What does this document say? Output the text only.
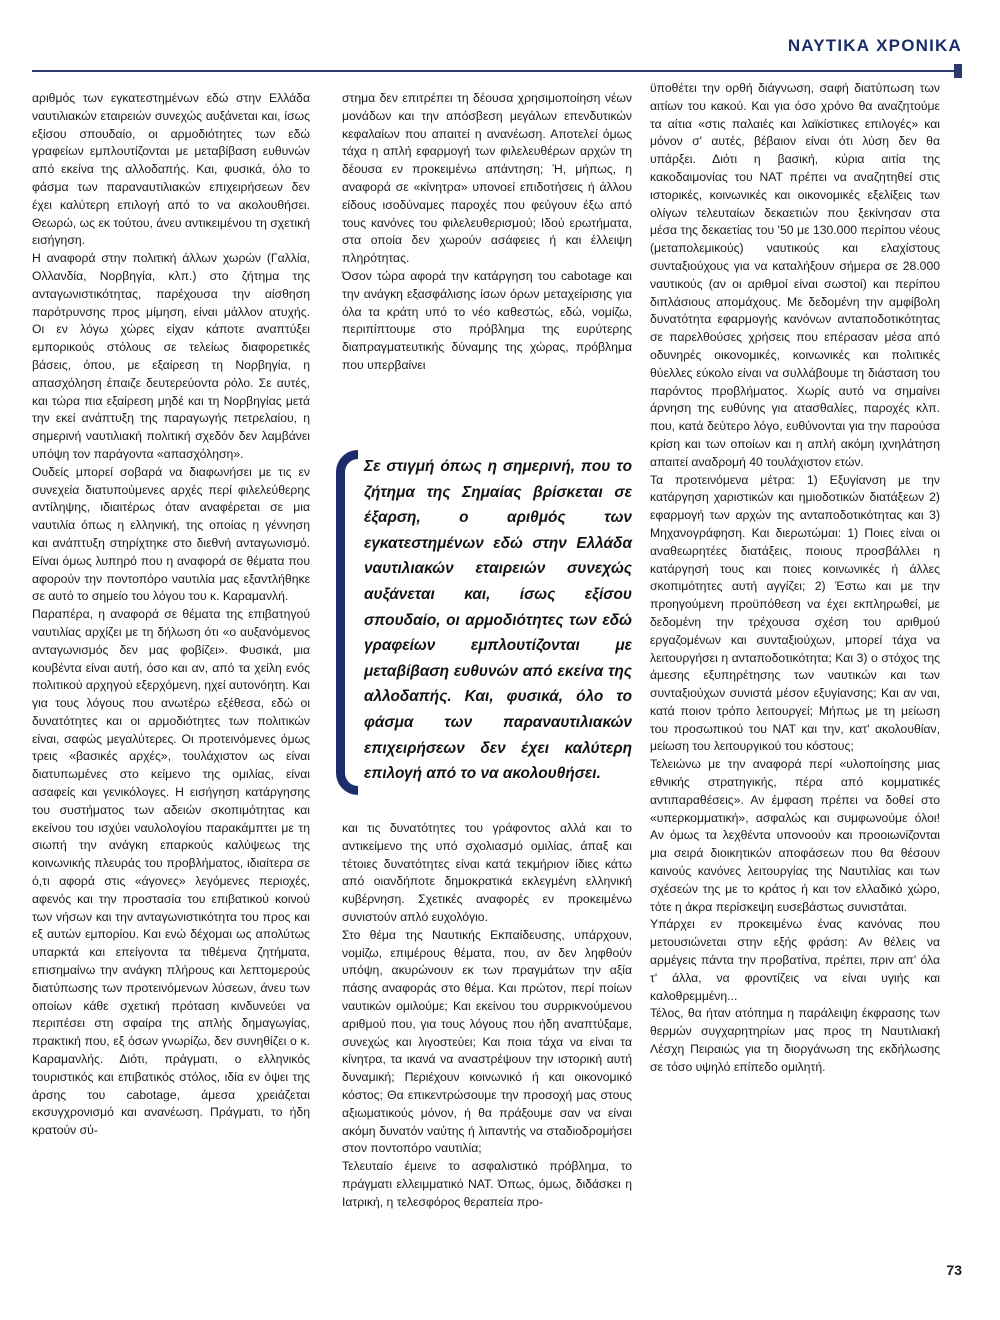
ΝΑΥΤΙΚΑ ΧΡΟΝΙΚΑ

αριθμός των εγκατεστημένων εδώ στην Ελλάδα ναυτιλιακών εταιρειών συνεχώς αυξάνεται και, ίσως εξίσου σπουδαίο, οι αρμοδιότητες των εδώ γραφείων εμπλουτίζονται με μεταβίβαση ευθυνών από εκείνα της αλλοδαπής. Και, φυσικά, όλο το φάσμα των παραναυτιλιακών επιχειρήσεων δεν έχει καλύτερη επιλογή από το να ακολουθήσει. Θεωρώ, ως εκ τούτου, άνευ αντικειμένου τη σχετική εισήγηση.

Η αναφορά στην πολιτική άλλων χωρών (Γαλλία, Ολλανδία, Νορβηγία, κλπ.) στο ζήτημα της ανταγωνιστικότητας, παρέχουσα την αίσθηση παρότρυνσης προς μίμηση, είναι μάλλον ατυχής. Οι εν λόγω χώρες είχαν κάποτε αναπτύξει εμπορικούς στόλους σε τελείως διαφορετικές βάσεις, όπου, με εξαίρεση τη Νορβηγία, η απασχόληση έπαιζε δευτερεύοντα ρόλο. Σε αυτές, και τώρα πια εξαίρεση μηδέ και τη Νορβηγίας μετά την εκεί ανάπτυξη της παραγωγής πετρελαίου, η σημερινή ναυτιλιακή πολιτική σχεδόν δεν λαμβάνει υπόψη τον παράγοντα «απασχόληση».

Ουδείς μπορεί σοβαρά να διαφωνήσει με τις εν συνεχεία διατυπούμενες αρχές περί φιλελεύθερης αντίληψης, ιδιαιτέρως όταν αναφέρεται σε μια ναυτιλία όπως η ελληνική, της οποίας η γέννηση και ανάπτυξη στηρίχτηκε στο διεθνή ανταγωνισμό. Είναι όμως λυπηρό που η αναφορά σε θέματα που αφορούν την ποντοπόρο ναυτιλία μας εξαντλήθηκε σε αυτό το σημείο του λόγου του κ. Καραμανλή.

Παραπέρα, η αναφορά σε θέματα της επιβατηγού ναυτιλίας αρχίζει με τη δήλωση ότι «ο αυξανόμενος ανταγωνισμός δεν μας φοβίζει». Φυσικά, μια κουβέντα είναι αυτή, όσο και αν, από τα χείλη ενός πολιτικού αρχηγού εξερχόμενη, ηχεί αυτονόητη. Και για τους λόγους που ανωτέρω εξέθεσα, εδώ οι δυνατότητες και οι αρμοδιότητες των πολιτικών είναι, σαφώς μεγαλύτερες. Οι προτεινόμενες όμως τρεις «βασικές αρχές», τουλάχιστον ως είναι διατυπωμένες στο κείμενο της ομιλίας, είναι ασαφείς και γενικόλογες. Η εισήγηση κατάργησης του συστήματος των αδειών σκοπιμότητας και εκείνου του ισχύει ναυλολογίου παρακάμπτει με τη σιωπή την ανάγκη επαρκούς καλύψεως της κοινωνικής πλευράς του προβλήματος, ιδιαίτερα σε ό,τι αφορά στις «άγονες» λεγόμενες περιοχές, αφενός και την προστασία του επιβατικού κοινού των νήσων και την ανταγωνιστικότητα του προς και εξ αυτών εμπορίου. Και ενώ δέχομαι ως απολύτως υπαρκτά και επείγοντα τα τιθέμενα ζητήματα, επισημαίνω την ανάγκη πλήρους και λεπτομερούς διατύπωσης των προτεινόμενων λύσεων, άνευ των οποίων κάθε σχετική πρόταση κινδυνεύει να περιπέσει στη σφαίρα της απλής δημαγωγίας, πρακτική που, εξ όσων γνωρίζω, δεν συνηθίζει ο κ. Καραμανλής. Διότι, πράγματι, ο ελληνικός τουριστικός και επιβατικός στόλος, ιδία εν όψει της άρσης του cabotage, άμεσα χρειάζεται εκσυγχρονισμό και ανανέωση. Πράγματι, το ήδη κρατούν σύ-

στημα δεν επιτρέπει τη δέουσα χρησιμοποίηση νέων μονάδων και την απόσβεση μεγάλων επενδυτικών κεφαλαίων που απαιτεί η ανανέωση. Αποτελεί όμως τάχα η απλή εφαρμογή των φιλελευθέρων αρχών τη δέουσα εν προκειμένω απάντηση; Ή, μήπως, η αναφορά σε «κίνητρα» υπονοεί επιδοτήσεις ή άλλου είδους ισοδύναμες παροχές που φεύγουν έξω από τους κανόνες του φιλελευθερισμού; Ιδού ερωτήματα, στα οποία δεν χωρούν ασάφειες ή και έλλειψη πληρότητας.

Όσον τώρα αφορά την κατάργηση του cabotage και την ανάγκη εξασφάλισης ίσων όρων μεταχείρισης για όλα τα κράτη υπό το νέο καθεστώς, εδώ, νομίζω, περιπίπτουμε στο πρόβλημα της ευρύτερης διαπραγματευτικής δύναμης της χώρας, πρόβλημα που υπερβαίνει

Σε στιγμή όπως η σημερινή, που το ζήτημα της Σημαίας βρίσκεται σε έξαρση, ο αριθμός των εγκατεστημένων εδώ στην Ελλάδα ναυτιλιακών εταιρειών συνεχώς αυξάνεται και, ίσως εξίσου σπουδαίο, οι αρμοδιότητες των εδώ γραφείων εμπλουτίζονται με μεταβίβαση ευθυνών από εκείνα της αλλοδαπής. Και, φυσικά, όλο το φάσμα των παραναυτιλιακών επιχειρήσεων δεν έχει καλύτερη επιλογή από το να ακολουθήσει.

και τις δυνατότητες του γράφοντος αλλά και το αντικείμενο της υπό σχολιασμό ομιλίας, άπαξ και τέτοιες δυνατότητες είναι κατά τεκμήριον ίδιες κάτω από οιανδήποτε δημοκρατικά εκλεγμένη ελληνική κυβέρνηση. Σχετικές αναφορές εν προκειμένω συνιστούν απλό ευχολόγιο.

Στο θέμα της Ναυτικής Εκπαίδευσης, υπάρχουν, νομίζω, επιμέρους θέματα, που, αν δεν ληφθούν υπόψη, ακυρώνουν εκ των πραγμάτων την αξία πάσης αναφοράς στο θέμα. Και πρώτον, περί ποίων ναυτικών ομιλούμε; Και εκείνου του συρρικνούμενου αριθμού που, για τους λόγους που ήδη αναπτύξαμε, συνεχώς και λιγοστεύει; Και ποια τάχα να είναι τα κίνητρα, τα ικανά να αναστρέψουν την ιστορική αυτή δυναμική; Περιέχουν κοινωνικό ή και οικονομικό κόστος; Θα επικεντρώσουμε την προσοχή μας στους αξιωματικούς μόνον, ή θα πράξουμε σαν να είναι ακόμη δυνατόν ναύτης ή λιπαντής να σταδιοδρομήσει στον ποντοπόρο ναυτιλία;

Τελευταίο έμεινε το ασφαλιστικό πρόβλημα, το πράγματι ελλειμματικό ΝΑΤ. Όπως, όμως, διδάσκει η Ιατρική, η τελεσφόρος θεραπεία προ-

ϋποθέτει την ορθή διάγνωση, σαφή διατύπωση των αιτίων του κακού. Και για όσο χρόνο θα αναζητούμε τα αίτια «στις παλαιές και λαϊκίστικες επιλογές» και μόνον σ' αυτές, βέβαιον είναι ότι λύση δεν θα υπάρξει. Διότι η βασική, κύρια αιτία της κακοδαιμονίας του ΝΑΤ πρέπει να αναζητηθεί στις ιστορικές, κοινωνικές και οικονομικές εξελίξεις των ολίγων τελευταίων δεκαετιών που ξεκίνησαν στα μέσα της δεκαετίας του '50 με 130.000 περίπου νέους (μεταπολεμικούς) ναυτικούς και ελαχίστους συνταξιούχους για να καταλήξουν σήμερα σε 28.000 ναυτικούς (αν οι αριθμοί είναι σωστοί) και περίπου διπλάσιους απομάχους. Με δεδομένη την αμφίβολη δυνατότητα εφαρμογής κανόνων ανταποδοτικότητας σε παρελθούσες χρήσεις που επέρασαν μέσα από οδυνηρές οικονομικές, κοινωνικές και πολιτικές θύελλες εύκολο είναι να συλλάβουμε τη διάσταση του παρόντος προβλήματος. Χωρίς αυτό να σημαίνει άρνηση της ευθύνης για ατασθαλίες, παροχές κλπ. που, κατά δεύτερο λόγο, ευθύνονται για την παρούσα κρίση και των οποίων και η απλή ακόμη ιχνηλάτηση απαιτεί αναδρομή 40 τουλάχιστον ετών.

Τα προτεινόμενα μέτρα: 1) Εξυγίανση με την κατάργηση χαριστικών και ημιοδοτικών διατάξεων 2) εφαρμογή των αρχών της ανταποδοτικότητας και 3) Μηχανογράφηση. Και διερωτώμαι: 1) Ποιες είναι οι αναθεωρητέες διατάξεις, ποιους προσβάλλει η κατάργησή τους και ποιες κοινωνικές ή άλλες σκοπιμότητες αυτή αγγίζει; 2) Έστω και με την προηγούμενη προϋπόθεση να έχει εκπληρωθεί, με δεδομένη την τρέχουσα σχέση του αριθμού εργαζομένων και συνταξιούχων, μπορεί τάχα να λειτουργήσει η ανταποδοτικότητα; Και 3) ο στόχος της άμεσης εξυπηρέτησης των ναυτικών και των συνταξιούχων συνιστά μέσον εξυγίανσης; Και αν ναι, κατά ποιον τρόπο λειτουργεί; Μήπως με τη μείωση του προσωπικού του ΝΑΤ και την, κατ' ακολουθίαν, μείωση του λειτουργικού του κόστους;

Τελειώνω με την αναφορά περί «υλοποίησης μιας εθνικής στρατηγικής, πέρα από κομματικές αντιπαραθέσεις». Αν έμφαση πρέπει να δοθεί στο «υπερκομματική», ασφαλώς και συμφωνούμε όλοι! Αν όμως τα λεχθέντα υπονοούν και προοιωνίζονται μια σειρά διοικητικών αποφάσεων που θα θέσουν καινούς κανόνες λειτουργίας της Ναυτιλίας και των σχέσεών της με το κράτος ή και τον ελλαδικό χώρο, τότε η άκρα περίσκεψη ευσεβάστως συνιστάται.

Υπάρχει εν προκειμένω ένας κανόνας που μετουσιώνεται στην εξής φράση: Αν θέλεις να αρμέγεις πάντα την προβατίνα, πρέπει, πριν απ' όλα τ' άλλα, να φροντίζεις να είναι υγιής και καλοθρεμμένη...

Τέλος, θα ήταν ατόπημα η παράλειψη έκφρασης των θερμών συγχαρητηρίων μας προς τη Ναυτιλιακή Λέσχη Πειραιώς για τη διοργάνωση της εκδήλωσης σε τόσο υψηλό επίπεδο ομιλητή.

73
